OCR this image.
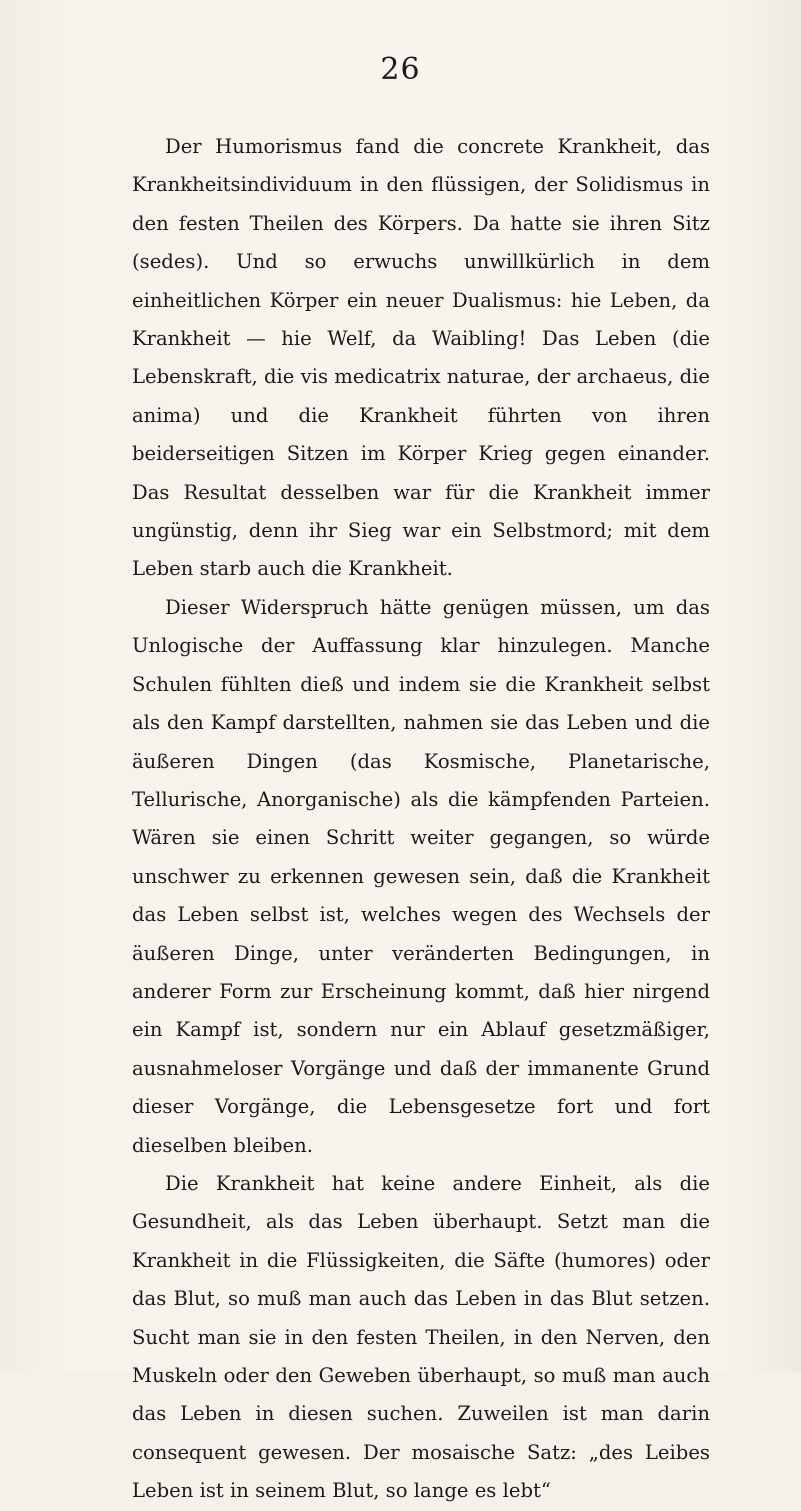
26

Der Humorismus fand die concrete Krankheit, das Krankheitsindividuum in den flüssigen, der Solidismus in den festen Theilen des Körpers. Da hatte sie ihren Sitz (sedes). Und so erwuchs unwillkürlich in dem einheitlichen Körper ein neuer Dualismus: hie Leben, da Krankheit — hie Welf, da Waibling! Das Leben (die Lebenskraft, die vis medicatrix naturae, der archaeus, die anima) und die Krankheit führten von ihren beiderseitigen Sitzen im Körper Krieg gegen einander. Das Resultat desselben war für die Krankheit immer ungünstig, denn ihr Sieg war ein Selbstmord; mit dem Leben starb auch die Krankheit.

Dieser Widerspruch hätte genügen müssen, um das Unlogische der Auffassung klar hinzulegen. Manche Schulen fühlten dieß und indem sie die Krankheit selbst als den Kampf darstellten, nahmen sie das Leben und die äußeren Dingen (das Kosmische, Planetarische, Tellurische, Anorganische) als die kämpfenden Parteien. Wären sie einen Schritt weiter gegangen, so würde unschwer zu erkennen gewesen sein, daß die Krankheit das Leben selbst ist, welches wegen des Wechsels der äußeren Dinge, unter veränderten Bedingungen, in anderer Form zur Erscheinung kommt, daß hier nirgend ein Kampf ist, sondern nur ein Ablauf gesetzmäßiger, ausnahmeloser Vorgänge und daß der immanente Grund dieser Vorgänge, die Lebensgesetze fort und fort dieselben bleiben.

Die Krankheit hat keine andere Einheit, als die Gesundheit, als das Leben überhaupt. Setzt man die Krankheit in die Flüssigkeiten, die Säfte (humores) oder das Blut, so muß man auch das Leben in das Blut setzen. Sucht man sie in den festen Theilen, in den Nerven, den Muskeln oder den Geweben überhaupt, so muß man auch das Leben in diesen suchen. Zuweilen ist man darin consequent gewesen. Der mosaische Satz: „des Leibes Leben ist in seinem Blut, so lange es lebt“
